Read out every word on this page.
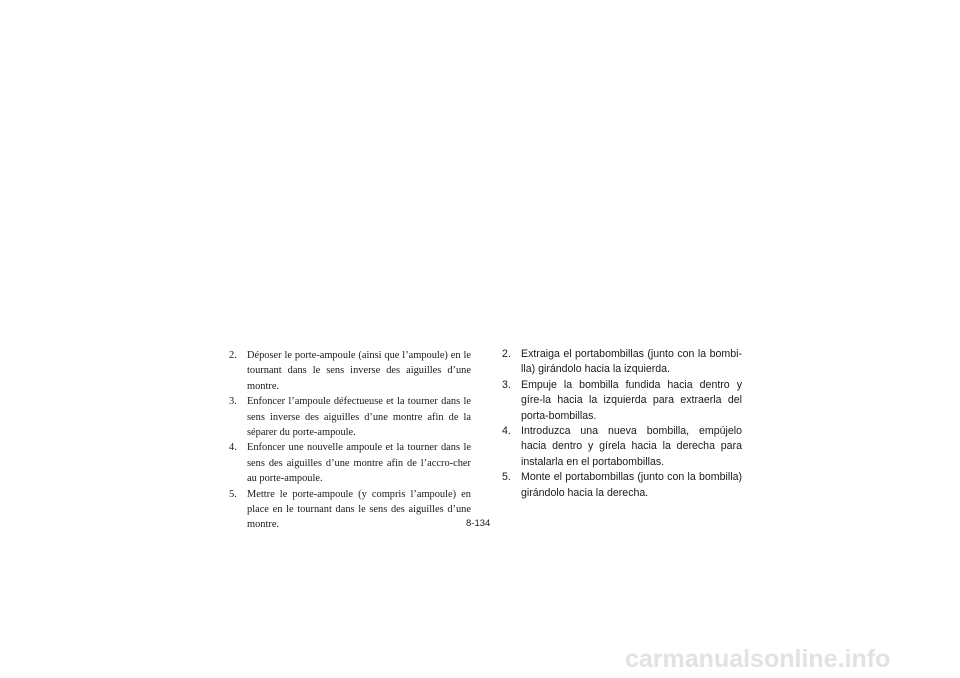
2. Déposer le porte-ampoule (ainsi que l’ampoule) en le tournant dans le sens inverse des aiguilles d’une montre.
3. Enfoncer l’ampoule défectueuse et la tourner dans le sens inverse des aiguilles d’une montre afin de la séparer du porte-ampoule.
4. Enfoncer une nouvelle ampoule et la tourner dans le sens des aiguilles d’une montre afin de l’accro-cher au porte-ampoule.
5. Mettre le porte-ampoule (y compris l’ampoule) en place en le tournant dans le sens des aiguilles d’une montre.
2. Extraiga el portabombillas (junto con la bombi-lla) girándolo hacia la izquierda.
3. Empuje la bombilla fundida hacia dentro y gíre-la hacia la izquierda para extraerla del porta-bombillas.
4. Introduzca una nueva bombilla, empújelo hacia dentro y gírela hacia la derecha para instalarla en el portabombillas.
5. Monte el portabombillas (junto con la bombilla) girándolo hacia la derecha.
8-134
carmanualsonline.info
